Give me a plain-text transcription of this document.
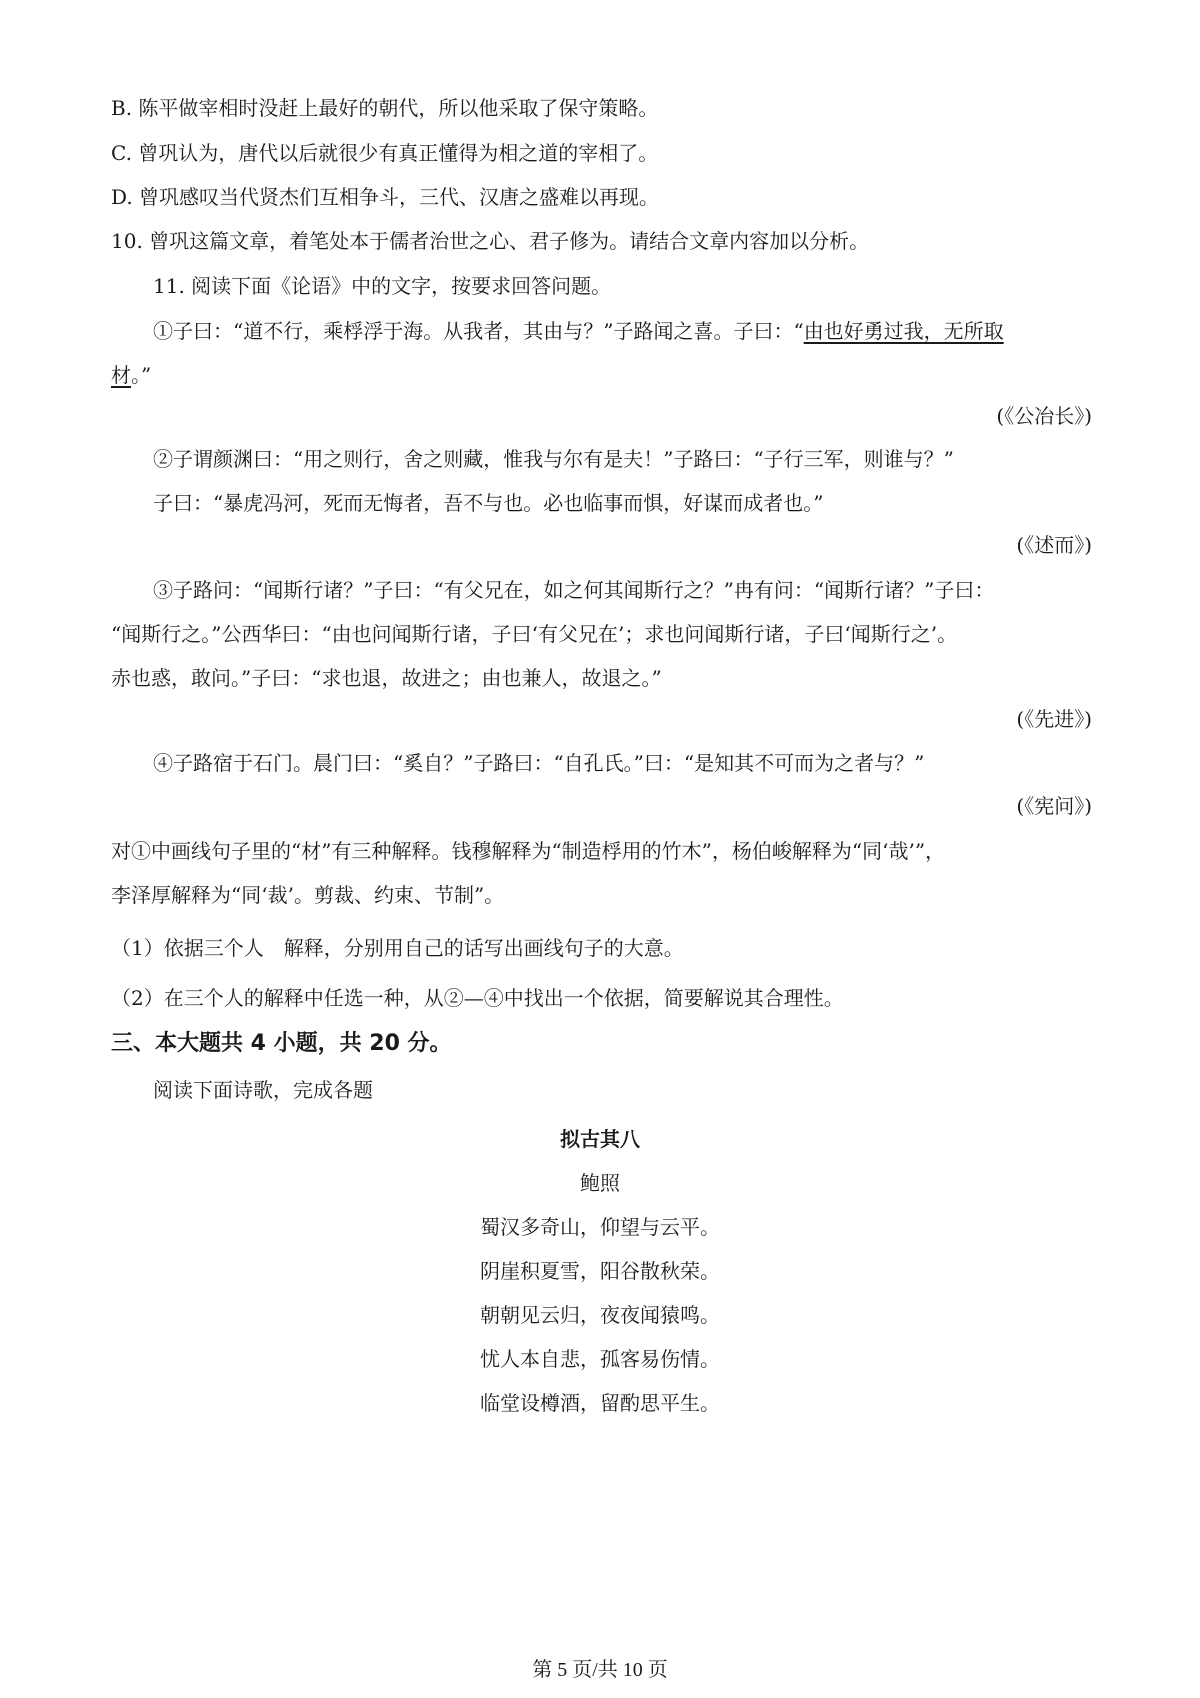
B. 陈平做宰相时没赶上最好的朝代，所以他采取了保守策略。
C. 曾巩认为，唐代以后就很少有真正懂得为相之道的宰相了。
D. 曾巩感叹当代贤杰们互相争斗，三代、汉唐之盛难以再现。
10. 曾巩这篇文章，着笔处本于儒者治世之心、君子修为。请结合文章内容加以分析。
11. 阅读下面《论语》中的文字，按要求回答问题。
①子曰：“道不行，乘桴浮于海。从我者，其由与？”子路闻之喜。子曰：“由也好勇过我，无所取
材。”
(《公冶长》)
②子谓颜渊曰：“用之则行，舍之则藏，惟我与尔有是夫！”子路曰：“子行三军，则谁与？”
子曰：“暴虎冯河，死而无悔者，吾不与也。必也临事而惧，好谋而成者也。”
(《述而》)
③子路问：“闻斯行诸？”子曰：“有父兄在，如之何其闻斯行之？”冉有问：“闻斯行诸？”子曰：
“闻斯行之。”公西华曰：“由也问闻斯行诸，子曰‘有父兄在’；求也问闻斯行诸，子曰‘闻斯行之’。
赤也惑，敢问。”子曰：“求也退，故进之；由也兼人，故退之。”
(《先进》)
④子路宿于石门。晨门曰：“奚自？”子路曰：“自孔氏。”曰：“是知其不可而为之者与？”
(《宪问》)
对①中画线句子里的“材”有三种解释。钱穆解释为“制造桴用的竹木”，杨伯峻解释为“同‘哉’”，
李泽厚解释为“同‘裁’。剪裁、约束、节制”。
（1）依据三个人　解释，分别用自己的话写出画线句子的大意。
（2）在三个人的解释中任选一种，从②—④中找出一个依据，简要解说其合理性。
三、本大题共 4 小题，共 20 分。
阅读下面诗歌，完成各题
拟古其八
鲍照
蜀汉多奇山，仰望与云平。
阴崖积夏雪，阳谷散秋荣。
朝朝见云归，夜夜闻猿鸣。
忧人本自悲，孤客易伤情。
临堂设樽酒，留酌思平生。
第 5 页/共 10 页
